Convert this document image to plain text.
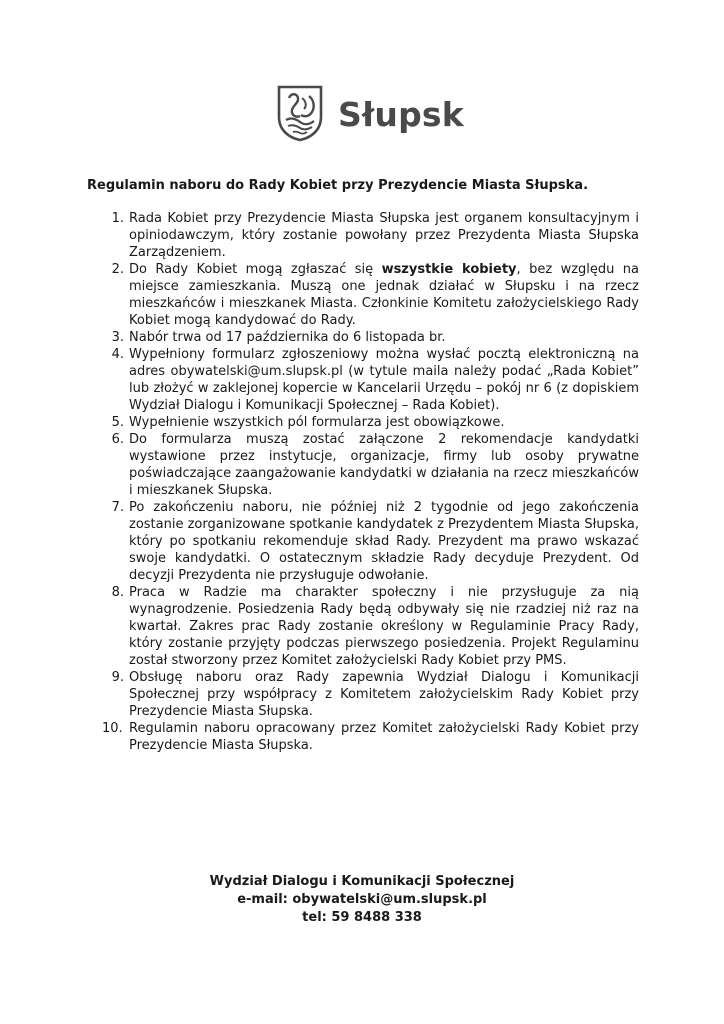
Słupsk
Regulamin naboru do Rady Kobiet przy Prezydencie Miasta Słupska.
1. Rada Kobiet przy Prezydencie Miasta Słupska jest organem konsultacyjnym i opiniodawczym, który zostanie powołany przez Prezydenta Miasta Słupska Zarządzeniem.
2. Do Rady Kobiet mogą zgłaszać się wszystkie kobiety, bez względu na miejsce zamieszkania. Muszą one jednak działać w Słupsku i na rzecz mieszkańców i mieszkanek Miasta. Członkinie Komitetu założycielskiego Rady Kobiet mogą kandydować do Rady.
3. Nabór trwa od 17 października do 6 listopada br.
4. Wypełniony formularz zgłoszeniowy można wysłać pocztą elektroniczną na adres obywatelski@um.slupsk.pl (w tytule maila należy podać „Rada Kobiet” lub złożyć w zaklejonej kopercie w Kancelarii Urzędu – pokój nr 6 (z dopiskiem Wydział Dialogu i Komunikacji Społecznej – Rada Kobiet).
5. Wypełnienie wszystkich pól formularza jest obowiązkowe.
6. Do formularza muszą zostać załączone 2 rekomendacje kandydatki wystawione przez instytucje, organizacje, firmy lub osoby prywatne poświadczające zaangażowanie kandydatki w działania na rzecz mieszkańców i mieszkanek Słupska.
7. Po zakończeniu naboru, nie później niż 2 tygodnie od jego zakończenia zostanie zorganizowane spotkanie kandydatek z Prezydentem Miasta Słupska, który po spotkaniu rekomenduje skład Rady. Prezydent ma prawo wskazać swoje kandydatki. O ostatecznym składzie Rady decyduje Prezydent. Od decyzji Prezydenta nie przysługuje odwołanie.
8. Praca w Radzie ma charakter społeczny i nie przysługuje za nią wynagrodzenie. Posiedzenia Rady będą odbywały się nie rzadziej niż raz na kwartał. Zakres prac Rady zostanie określony w Regulaminie Pracy Rady, który zostanie przyjęty podczas pierwszego posiedzenia. Projekt Regulaminu został stworzony przez Komitet założycielski Rady Kobiet przy PMS.
9. Obsługę naboru oraz Rady zapewnia Wydział Dialogu i Komunikacji Społecznej przy współpracy z Komitetem założycielskim Rady Kobiet przy Prezydencie Miasta Słupska.
10. Regulamin naboru opracowany przez Komitet założycielski Rady Kobiet przy Prezydencie Miasta Słupska.
Wydział Dialogu i Komunikacji Społecznej
e-mail: obywatelski@um.slupsk.pl
tel: 59 8488 338
